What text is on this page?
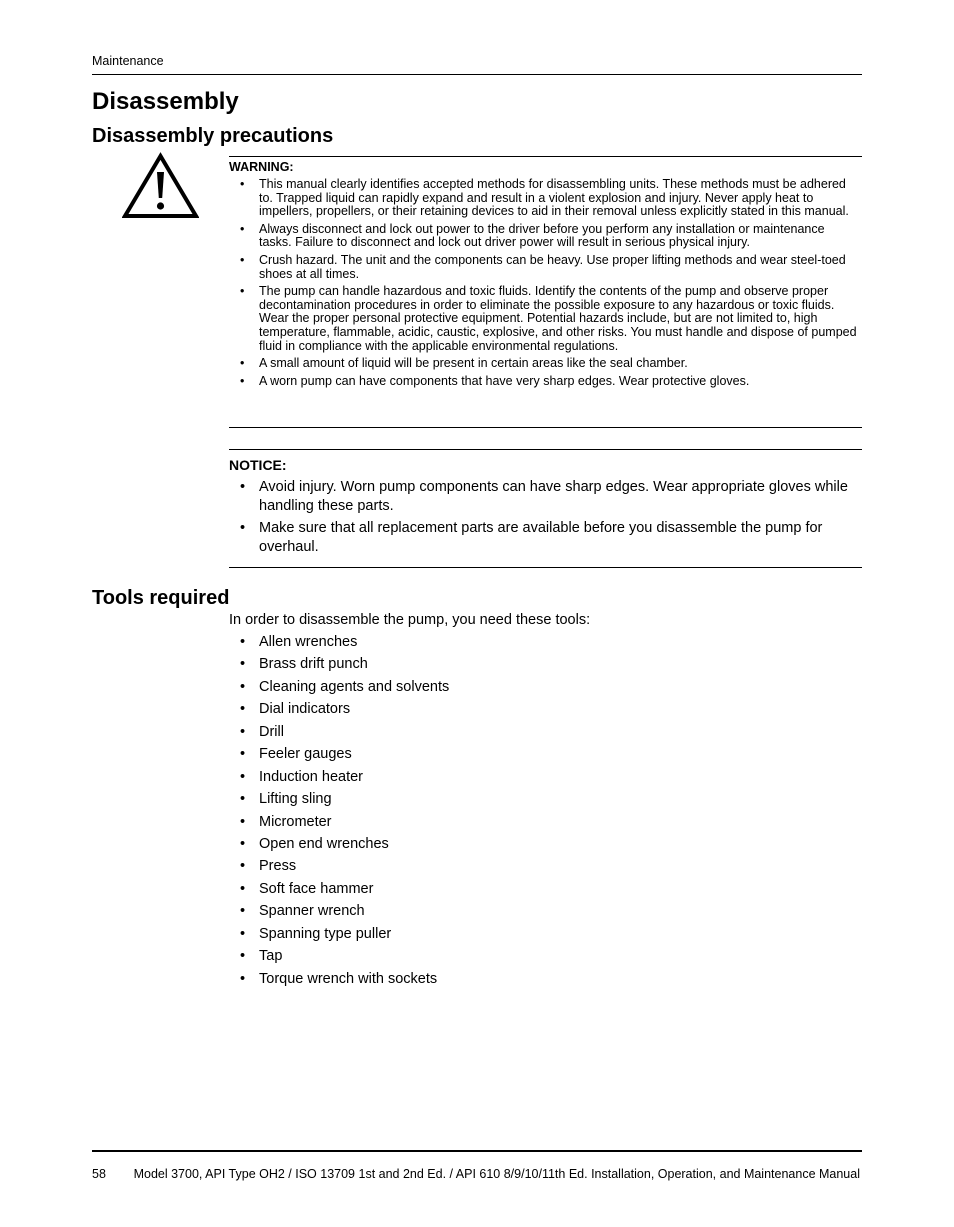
Maintenance
Disassembly
Disassembly precautions

WARNING:

• This manual clearly identifies accepted methods for disassembling units. These methods must be adhered to. Trapped liquid can rapidly expand and result in a violent explosion and injury. Never apply heat to impellers, propellers, or their retaining devices to aid in their removal unless explicitly stated in this manual.
• Always disconnect and lock out power to the driver before you perform any installation or maintenance tasks. Failure to disconnect and lock out driver power will result in serious physical injury.
• Crush hazard. The unit and the components can be heavy. Use proper lifting methods and wear steel-toed shoes at all times.
• The pump can handle hazardous and toxic fluids. Identify the contents of the pump and observe proper decontamination procedures in order to eliminate the possible exposure to any hazardous or toxic fluids. Wear the proper personal protective equipment. Potential hazards include, but are not limited to, high temperature, flammable, acidic, caustic, explosive, and other risks. You must handle and dispose of pumped fluid in compliance with the applicable environmental regulations.
• A small amount of liquid will be present in certain areas like the seal chamber.
• A worn pump can have components that have very sharp edges. Wear protective gloves.

NOTICE:

• Avoid injury. Worn pump components can have sharp edges. Wear appropriate gloves while handling these parts.
• Make sure that all replacement parts are available before you disassemble the pump for overhaul.
Tools required

In order to disassemble the pump, you need these tools:

• Allen wrenches
• Brass drift punch
• Cleaning agents and solvents
• Dial indicators
• Drill
• Feeler gauges
• Induction heater
• Lifting sling
• Micrometer
• Open end wrenches
• Press
• Soft face hammer
• Spanner wrench
• Spanning type puller
• Tap
• Torque wrench with sockets
58	Model 3700, API Type OH2 / ISO 13709 1st and 2nd Ed. / API 610 8/9/10/11th Ed. Installation, Operation, and Maintenance Manual
